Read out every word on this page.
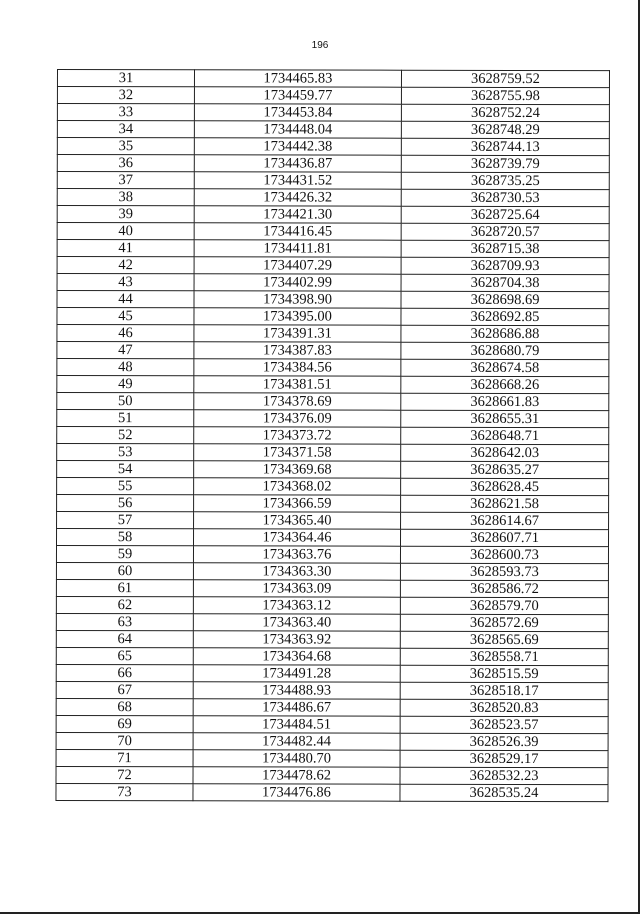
196
31	1734465.83	3628759.52
32	1734459.77	3628755.98
33	1734453.84	3628752.24
34	1734448.04	3628748.29
35	1734442.38	3628744.13
36	1734436.87	3628739.79
37	1734431.52	3628735.25
38	1734426.32	3628730.53
39	1734421.30	3628725.64
40	1734416.45	3628720.57
41	1734411.81	3628715.38
42	1734407.29	3628709.93
43	1734402.99	3628704.38
44	1734398.90	3628698.69
45	1734395.00	3628692.85
46	1734391.31	3628686.88
47	1734387.83	3628680.79
48	1734384.56	3628674.58
49	1734381.51	3628668.26
50	1734378.69	3628661.83
51	1734376.09	3628655.31
52	1734373.72	3628648.71
53	1734371.58	3628642.03
54	1734369.68	3628635.27
55	1734368.02	3628628.45
56	1734366.59	3628621.58
57	1734365.40	3628614.67
58	1734364.46	3628607.71
59	1734363.76	3628600.73
60	1734363.30	3628593.73
61	1734363.09	3628586.72
62	1734363.12	3628579.70
63	1734363.40	3628572.69
64	1734363.92	3628565.69
65	1734364.68	3628558.71
66	1734491.28	3628515.59
67	1734488.93	3628518.17
68	1734486.67	3628520.83
69	1734484.51	3628523.57
70	1734482.44	3628526.39
71	1734480.70	3628529.17
72	1734478.62	3628532.23
73	1734476.86	3628535.24
